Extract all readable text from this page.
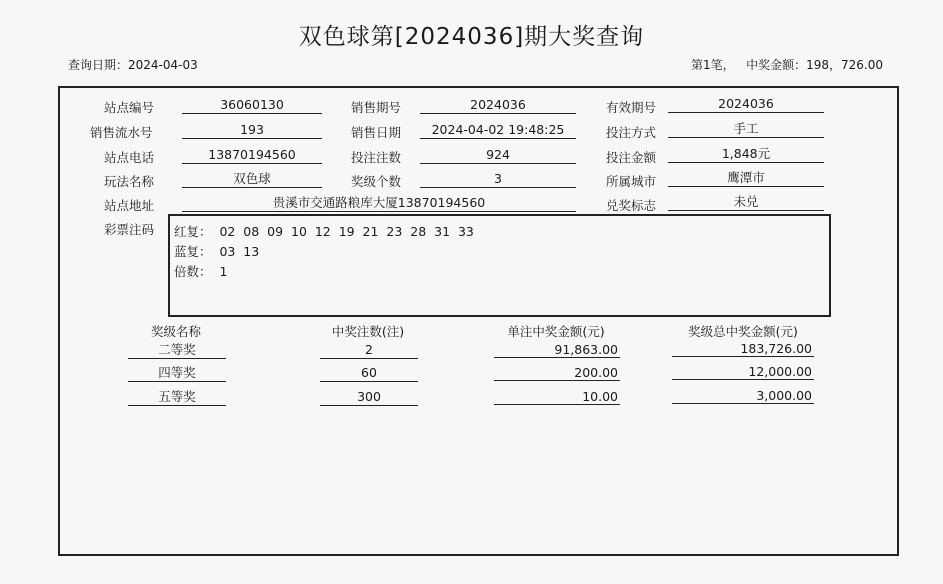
双色球第[2024036]期大奖查询
查询日期：2024-04-03	第1笔，   中奖金额：198，726.00
站点编号	36060130	销售期号	2024036	有效期号	2024036
销售流水号	193	销售日期	2024-04-02 19:48:25	投注方式	手工
站点电话	13870194560	投注注数	924	投注金额	1,848元
玩法名称	双色球	奖级个数	3	所属城市	鹰潭市
站点地址	贵溪市交通路粮库大厦13870194560	兑奖标志	未兑
彩票注码 红复：  02  08  09  10  12  19  21  23  28  31  33
蓝复：  03  13
倍数：  1
奖级名称	中奖注数(注)	单注中奖金额(元)	奖级总中奖金额(元)
二等奖	2	91,863.00	183,726.00
四等奖	60	200.00	12,000.00
五等奖	300	10.00	3,000.00
